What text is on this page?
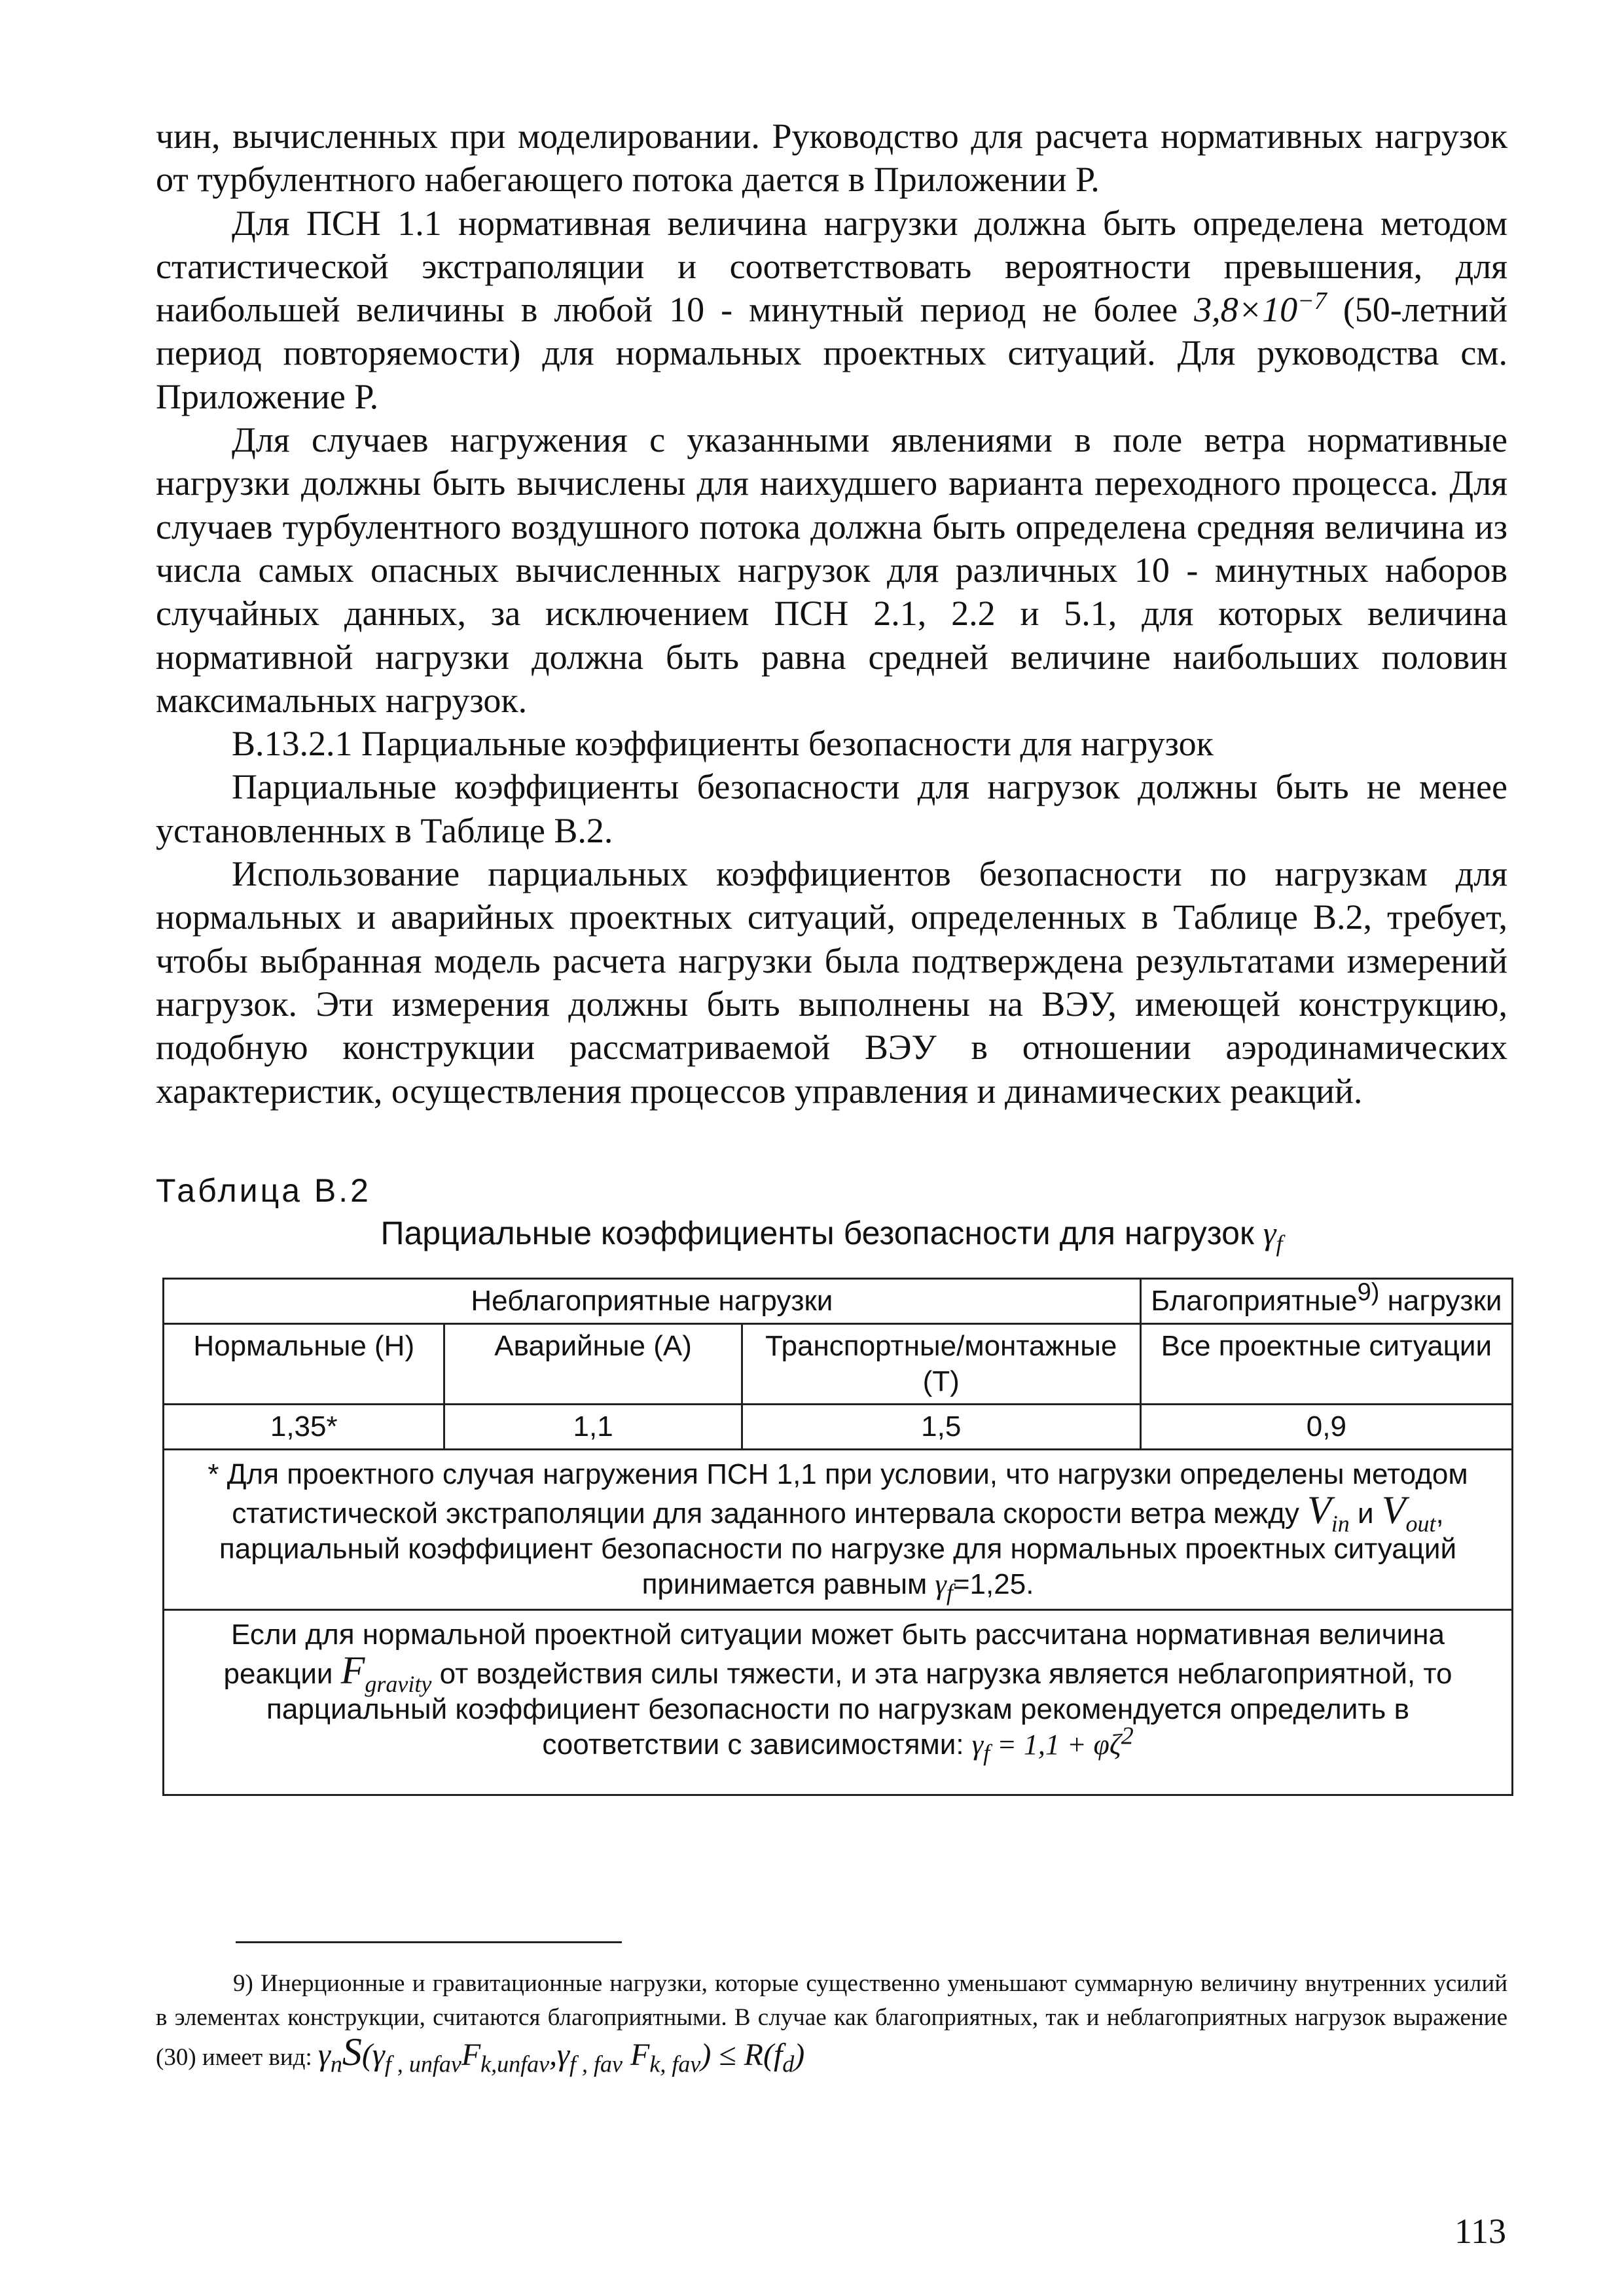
чин, вычисленных при моделировании. Руководство для расчета нормативных нагрузок от турбулентного набегающего потока дается в Приложении Р.

Для ПСН 1.1 нормативная величина нагрузки должна быть определена методом статистической экстраполяции и соответствовать вероятности превышения, для наибольшей величины в любой 10 - минутный период не более $3,8\times 10^{-7}$ (50-летний период повторяемости) для нормальных проектных ситуаций. Для руководства см. Приложение Р.

Для случаев нагружения с указанными явлениями в поле ветра нормативные нагрузки должны быть вычислены для наихудшего варианта переходного процесса. Для случаев турбулентного воздушного потока должна быть определена средняя величина из числа самых опасных вычисленных нагрузок для различных 10 - минутных наборов случайных данных, за исключением ПСН 2.1, 2.2 и 5.1, для которых величина нормативной нагрузки должна быть равна средней величине наибольших половин максимальных нагрузок.

В.13.2.1 Парциальные коэффициенты безопасности для нагрузок

Парциальные коэффициенты безопасности для нагрузок должны быть не менее установленных в Таблице В.2.

Использование парциальных коэффициентов безопасности по нагрузкам для нормальных и аварийных проектных ситуаций, определенных в Таблице В.2, требует, чтобы выбранная модель расчета нагрузки была подтверждена результатами измерений нагрузок. Эти измерения должны быть выполнены на ВЭУ, имеющей конструкцию, подобную конструкции рассматриваемой ВЭУ в отношении аэродинамических характеристик, осуществления процессов управления и динамических реакций.

Таблица В.2
Парциальные коэффициенты безопасности для нагрузок $\gamma_f$
Неблагоприятные нагрузки			Благоприятные9) нагрузки
Нормальные (Н)	Аварийные (А)	Транспортные/монтажные (Т)	Все проектные ситуации
1,35*	1,1	1,5	0,9
* Для проектного случая нагружения ПСН 1,1 при условии, что нагрузки определены методом статистической экстраполяции для заданного интервала скорости ветра между $V_{in}$ и $V_{out}$, парциальный коэффициент безопасности по нагрузке для нормальных проектных ситуаций принимается равным $\gamma_f=1,25$.			
Если для нормальной проектной ситуации может быть рассчитана нормативная величина реакции $F_{gravity}$ от воздействия силы тяжести, и эта нагрузка является неблагоприятной, то парциальный коэффициент безопасности по нагрузкам рекомендуется определить в соответствии с зависимостями: $\gamma_f = 1,1 + \varphi\zeta 2$			

9) Инерционные и гравитационные нагрузки, которые существенно уменьшают суммарную величину внутренних усилий в элементах конструкции, считаются благоприятными. В случае как благоприятных, так и неблагоприятных нагрузок выражение (30) имеет вид: $\gamma_nS(\gamma_{f , unfav}F_{k,unfav},\gamma_{f , fav}$ $F_{k, fav}) \le R(f_d)$

113
